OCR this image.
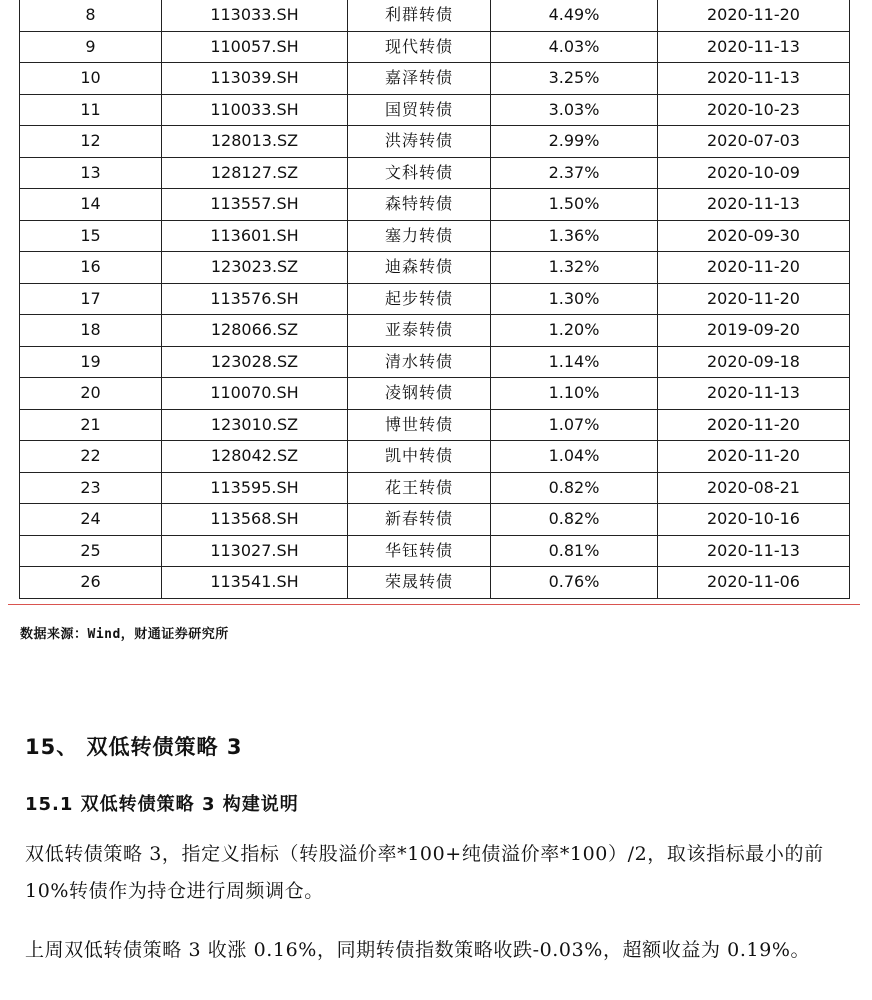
8	113033.SH	利群转债	4.49%	2020-11-20
9	110057.SH	现代转债	4.03%	2020-11-13
10	113039.SH	嘉泽转债	3.25%	2020-11-13
11	110033.SH	国贸转债	3.03%	2020-10-23
12	128013.SZ	洪涛转债	2.99%	2020-07-03
13	128127.SZ	文科转债	2.37%	2020-10-09
14	113557.SH	森特转债	1.50%	2020-11-13
15	113601.SH	塞力转债	1.36%	2020-09-30
16	123023.SZ	迪森转债	1.32%	2020-11-20
17	113576.SH	起步转债	1.30%	2020-11-20
18	128066.SZ	亚泰转债	1.20%	2019-09-20
19	123028.SZ	清水转债	1.14%	2020-09-18
20	110070.SH	凌钢转债	1.10%	2020-11-13
21	123010.SZ	博世转债	1.07%	2020-11-20
22	128042.SZ	凯中转债	1.04%	2020-11-20
23	113595.SH	花王转债	0.82%	2020-08-21
24	113568.SH	新春转债	0.82%	2020-10-16
25	113027.SH	华钰转债	0.81%	2020-11-13
26	113541.SH	荣晟转债	0.76%	2020-11-06
数据来源：Wind，财通证券研究所
15、 双低转债策略 3
15.1 双低转债策略 3 构建说明

双低转债策略 3，指定义指标（转股溢价率*100+纯债溢价率*100）/2，取该指标最小的前 10%转债作为持仓进行周频调仓。

上周双低转债策略 3 收涨 0.16%，同期转债指数策略收跌-0.03%，超额收益为 0.19%。
